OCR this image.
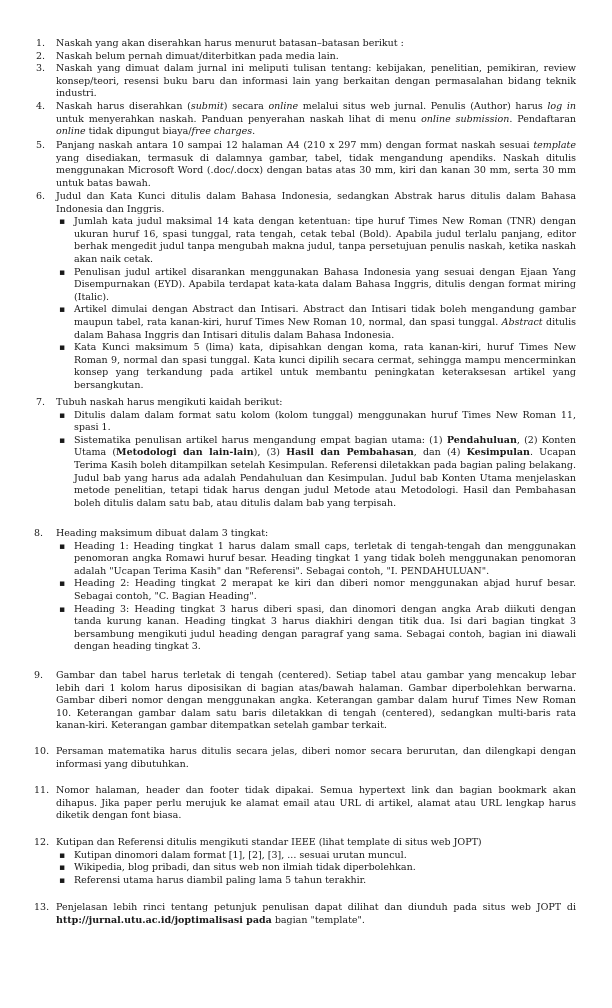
1. Naskah yang akan diserahkan harus menurut batasan–batasan berikut :

2. Naskah belum pernah dimuat/diterbitkan pada media lain.

3. Naskah yang dimuat dalam jurnal ini meliputi tulisan tentang: kebijakan, penelitian, pemikiran, review konsep/teori, resensi buku baru dan informasi lain yang berkaitan dengan permasalahan bidang teknik industri.

4. Naskah harus diserahkan (submit) secara online melalui situs web jurnal. Penulis (Author) harus log in untuk menyerahkan naskah. Panduan penyerahan naskah lihat di menu online submission. Pendaftaran online tidak dipungut biaya/free charges.

5. Panjang naskah antara 10 sampai 12 halaman A4 (210 x 297 mm) dengan format naskah sesuai template yang disediakan, termasuk di dalamnya gambar, tabel, tidak mengandung apendiks. Naskah ditulis menggunakan Microsoft Word (.doc/.docx) dengan batas atas 30 mm, kiri dan kanan 30 mm, serta 30 mm untuk batas bawah.

6. Judul dan Kata Kunci ditulis dalam Bahasa Indonesia, sedangkan Abstrak harus ditulis dalam Bahasa Indonesia dan Inggris.

▪ Jumlah kata judul maksimal 14 kata dengan ketentuan: tipe huruf Times New Roman (TNR) dengan ukuran huruf 16, spasi tunggal, rata tengah, cetak tebal (Bold). Apabila judul terlalu panjang, editor berhak mengedit judul tanpa mengubah makna judul, tanpa persetujuan penulis naskah, ketika naskah akan naik cetak.
▪ Penulisan judul artikel disarankan menggunakan Bahasa Indonesia yang sesuai dengan Ejaan Yang Disempurnakan (EYD). Apabila terdapat kata-kata dalam Bahasa Inggris, ditulis dengan format miring (Italic).
▪ Artikel dimulai dengan Abstract dan Intisari. Abstract dan Intisari tidak boleh mengandung gambar maupun tabel, rata kanan-kiri, huruf Times New Roman 10, normal, dan spasi tunggal. Abstract ditulis dalam Bahasa Inggris dan Intisari ditulis dalam Bahasa Indonesia.
▪ Kata Kunci maksimum 5 (lima) kata, dipisahkan dengan koma, rata kanan-kiri, huruf Times New Roman 9, normal dan spasi tunggal. Kata kunci dipilih secara cermat, sehingga mampu mencerminkan konsep yang terkandung pada artikel untuk membantu peningkatan keteraksesan artikel yang bersangkutan.
7. Tubuh naskah harus mengikuti kaidah berikut:

▪ Ditulis dalam dalam format satu kolom (kolom tunggal) menggunakan huruf Times New Roman 11, spasi 1.
▪ Sistematika penulisan artikel harus mengandung empat bagian utama: (1) Pendahuluan, (2) Konten Utama (Metodologi dan lain-lain), (3) Hasil dan Pembahasan, dan (4) Kesimpulan. Ucapan Terima Kasih boleh ditampilkan setelah Kesimpulan. Referensi diletakkan pada bagian paling belakang. Judul bab yang harus ada adalah Pendahuluan dan Kesimpulan. Judul bab Konten Utama menjelaskan metode penelitian, tetapi tidak harus dengan judul Metode atau Metodologi. Hasil dan Pembahasan boleh ditulis dalam satu bab, atau ditulis dalam bab yang terpisah.
8. Heading maksimum dibuat dalam 3 tingkat:

▪ Heading 1: Heading tingkat 1 harus dalam small caps, terletak di tengah-tengah dan menggunakan penomoran angka Romawi huruf besar. Heading tingkat 1 yang tidak boleh menggunakan penomoran adalah "Ucapan Terima Kasih" dan "Referensi". Sebagai contoh, "I. PENDAHULUAN".
▪ Heading 2: Heading tingkat 2 merapat ke kiri dan diberi nomor menggunakan abjad huruf besar. Sebagai contoh, "C. Bagian Heading".
▪ Heading 3: Heading tingkat 3 harus diberi spasi, dan dinomori dengan angka Arab diikuti dengan tanda kurung kanan. Heading tingkat 3 harus diakhiri dengan titik dua. Isi dari bagian tingkat 3 bersambung mengikuti judul heading dengan paragraf yang sama. Sebagai contoh, bagian ini diawali dengan heading tingkat 3.
9. Gambar dan tabel harus terletak di tengah (centered). Setiap tabel atau gambar yang mencakup lebar lebih dari 1 kolom harus diposisikan di bagian atas/bawah halaman. Gambar diperbolehkan berwarna. Gambar diberi nomor dengan menggunakan angka. Keterangan gambar dalam huruf Times New Roman 10. Keterangan gambar dalam satu baris diletakkan di tengah (centered), sedangkan multi-baris rata kanan-kiri. Keterangan gambar ditempatkan setelah gambar terkait.

10. Persaman matematika harus ditulis secara jelas, diberi nomor secara berurutan, dan dilengkapi dengan informasi yang dibutuhkan.

11. Nomor halaman, header dan footer tidak dipakai. Semua hypertext link dan bagian bookmark akan dihapus. Jika paper perlu merujuk ke alamat email atau URL di artikel, alamat atau URL lengkap harus diketik dengan font biasa.

12. Kutipan dan Referensi ditulis mengikuti standar IEEE (lihat template di situs web JOPT)

▪ Kutipan dinomori dalam format [1], [2], [3], ... sesuai urutan muncul.
▪ Wikipedia, blog pribadi, dan situs web non ilmiah tidak diperbolehkan.
▪ Referensi utama harus diambil paling lama 5 tahun terakhir.
13. Penjelasan lebih rinci tentang petunjuk penulisan dapat dilihat dan diunduh pada situs web JOPT di http://jurnal.utu.ac.id/joptimalisasi pada bagian "template".
